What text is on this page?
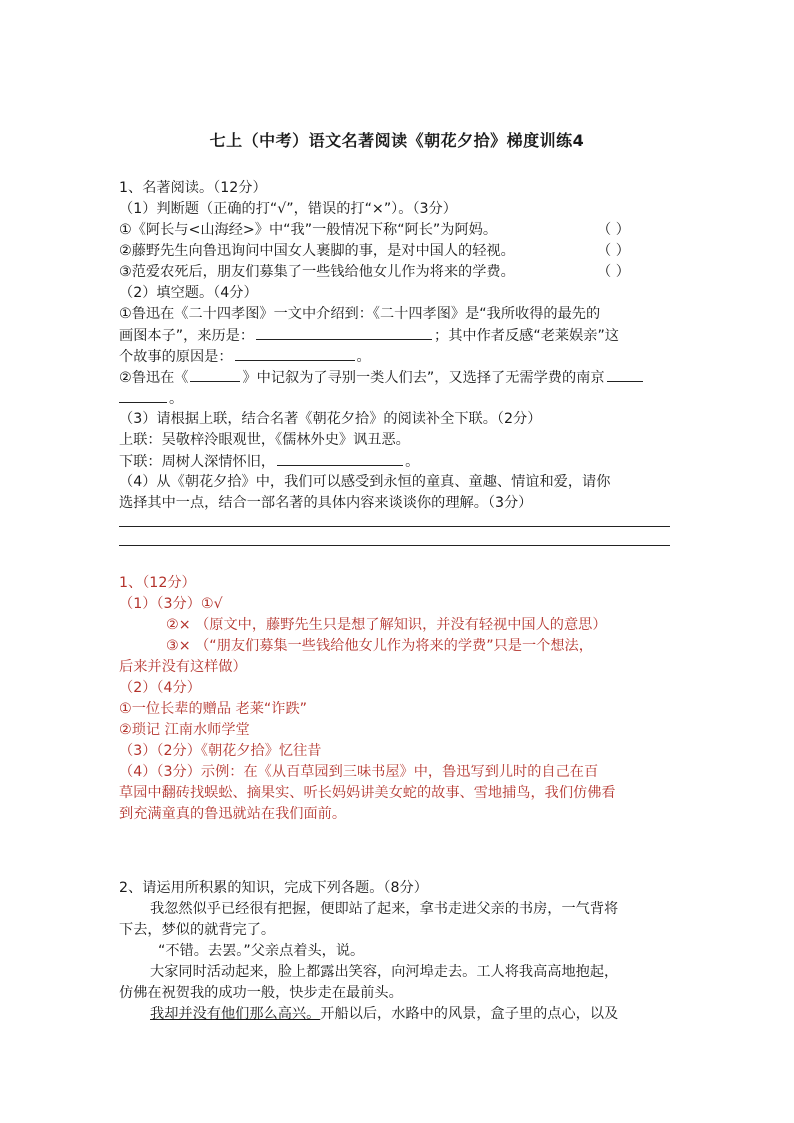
七上（中考）语文名著阅读《朝花夕拾》梯度训练4
1、名著阅读。（12分）
（1）判断题（正确的打“√”，错误的打“×”）。（3分）
①《阿长与<山海经>》中“我”一般情况下称“阿长”为阿妈。	（ ）
②藤野先生向鲁迅询问中国女人裹脚的事，是对中国人的轻视。	（ ）
③范爱农死后，朋友们募集了一些钱给他女儿作为将来的学费。	（ ）
（2）填空题。（4分）
①鲁迅在《二十四孝图》一文中介绍到：《二十四孝图》是“我所收得的最先的
画图本子”，来历是：	；其中作者反感“老莱娱亲”这
个故事的原因是：	。
②鲁迅在《	》中记叙为了寻别一类人们去”，又选择了无需学费的南京
。
（3）请根据上联，结合名著《朝花夕拾》的阅读补全下联。（2分）
上联：吴敬梓泠眼观世，《儒林外史》讽丑恶。
下联：周树人深情怀旧，	。
（4）从《朝花夕拾》中，我们可以感受到永恒的童真、童趣、情谊和爱，请你
选择其中一点，结合一部名著的具体内容来谈谈你的理解。（3分）
1、（12分）
（1）（3分）①√
②× （原文中，藤野先生只是想了解知识，并没有轻视中国人的意思）
③× （“朋友们募集一些钱给他女儿作为将来的学费”只是一个想法，
后来并没有这样做）
（2）（4分）
①一位长辈的赠品 老莱“诈跌”
②琐记 江南水师学堂
（3）（2分）《朝花夕拾》忆往昔
（4）（3分）示例：在《从百草园到三味书屋》中，鲁迅写到儿时的自己在百
草园中翻砖找蜈蚣、摘果实、听长妈妈讲美女蛇的故事、雪地捕鸟，我们仿佛看
到充满童真的鲁迅就站在我们面前。
2、请运用所积累的知识，完成下列各题。（8分）
我忽然似乎已经很有把握，便即站了起来，拿书走进父亲的书房，一气背将
下去，梦似的就背完了。
“不错。去罢。”父亲点着头，说。
大家同时活动起来，脸上都露出笑容，向河埠走去。工人将我高高地抱起，
仿佛在祝贺我的成功一般，快步走在最前头。
我却并没有他们那么高兴。开船以后，水路中的风景，盒子里的点心，以及
